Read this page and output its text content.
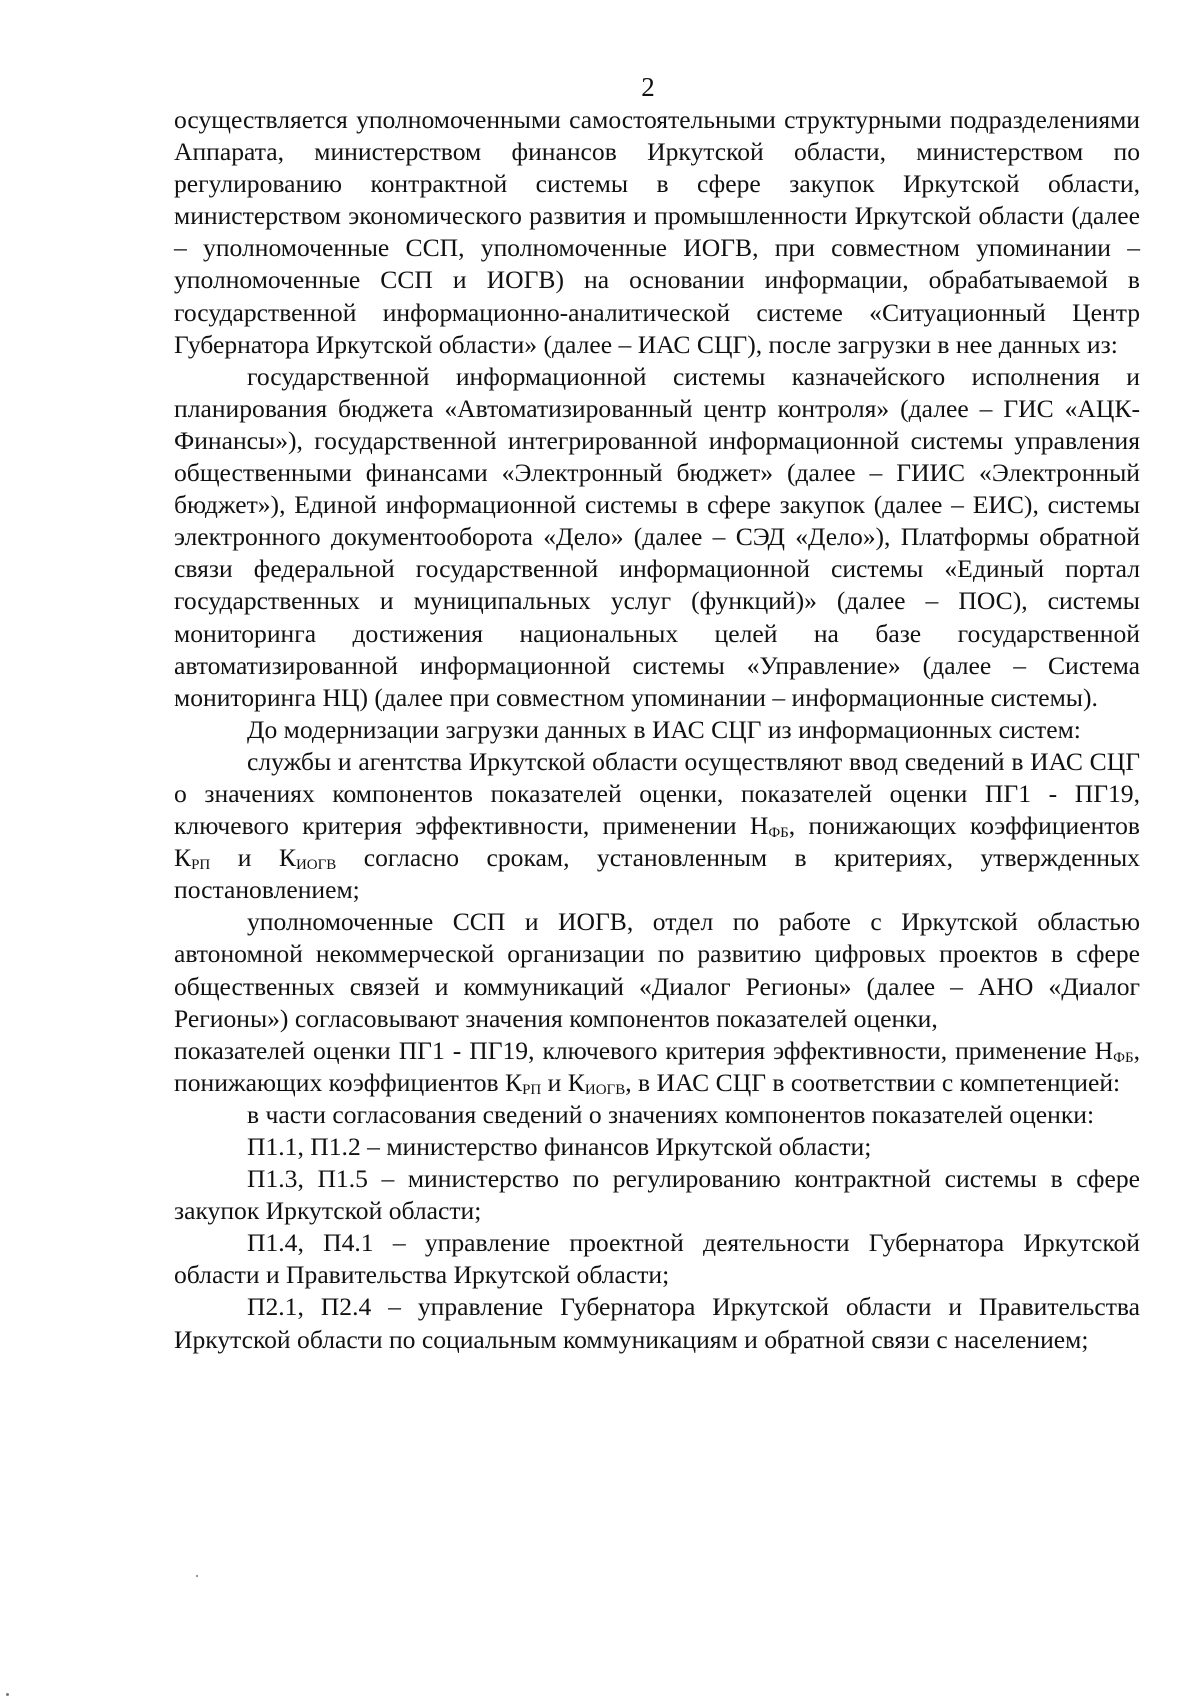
2

осуществляется уполномоченными самостоятельными структурными подразделениями Аппарата, министерством финансов Иркутской области, министерством по регулированию контрактной системы в сфере закупок Иркутской области, министерством экономического развития и промышленности Иркутской области (далее – уполномоченные ССП, уполномоченные ИОГВ, при совместном упоминании – уполномоченные ССП и ИОГВ) на основании информации, обрабатываемой в государственной информационно-аналитической системе «Ситуационный Центр Губернатора Иркутской области» (далее – ИАС СЦГ), после загрузки в нее данных из:

государственной информационной системы казначейского исполнения и планирования бюджета «Автоматизированный центр контроля» (далее – ГИС «АЦК-Финансы»), государственной интегрированной информационной системы управления общественными финансами «Электронный бюджет» (далее – ГИИС «Электронный бюджет»), Единой информационной системы в сфере закупок (далее – ЕИС), системы электронного документооборота «Дело» (далее – СЭД «Дело»), Платформы обратной связи федеральной государственной информационной системы «Единый портал государственных и муниципальных услуг (функций)» (далее – ПОС), системы мониторинга достижения национальных целей на базе государственной автоматизированной информационной системы «Управление» (далее – Система мониторинга НЦ) (далее при совместном упоминании – информационные системы).

До модернизации загрузки данных в ИАС СЦГ из информационных систем:

службы и агентства Иркутской области осуществляют ввод сведений в ИАС СЦГ о значениях компонентов показателей оценки, показателей оценки ПГ1 - ПГ19, ключевого критерия эффективности, применении $Н_{ФБ}$, понижающих коэффициентов $К_{РП}$ и $К_{ИОГВ}$ согласно срокам, установленным в критериях, утвержденных постановлением;

уполномоченные ССП и ИОГВ, отдел по работе с Иркутской областью автономной некоммерческой организации по развитию цифровых проектов в сфере общественных связей и коммуникаций «Диалог Регионы» (далее – АНО «Диалог Регионы») согласовывают значения компонентов показателей оценки,

показателей оценки ПГ1 - ПГ19, ключевого критерия эффективности, применение $Н_{ФБ}$, понижающих коэффициентов $К_{РП}$ и $К_{ИОГВ}$, в ИАС СЦГ в соответствии с компетенцией:

в части согласования сведений о значениях компонентов показателей оценки:

П1.1, П1.2 – министерство финансов Иркутской области;

П1.3, П1.5 – министерство по регулированию контрактной системы в сфере закупок Иркутской области;

П1.4, П4.1 – управление проектной деятельности Губернатора Иркутской области и Правительства Иркутской области;

П2.1, П2.4 – управление Губернатора Иркутской области и Правительства Иркутской области по социальным коммуникациям и обратной связи с населением;
